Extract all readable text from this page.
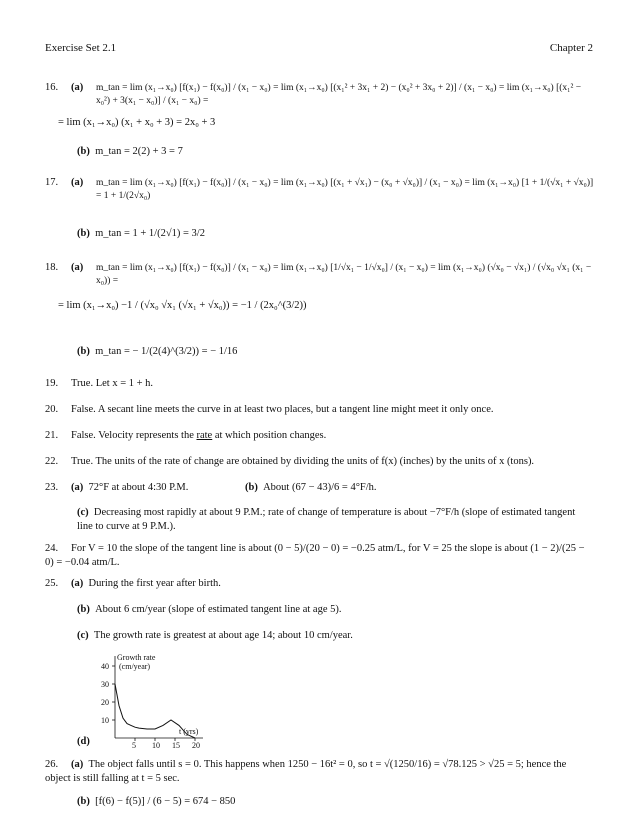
Exercise Set 2.1	Chapter 2
16. (a) m_tan = lim (x₁→x₀) [f(x₁) − f(x₀)] / (x₁ − x₀) = lim (x₁→x₀) [(x₁² + 3x₁ + 2) − (x₀² + 3x₀ + 2)] / (x₁ − x₀) = lim (x₁→x₀) [(x₁² − x₀²) + 3(x₁ − x₀)] / (x₁ − x₀) =
= lim (x₁→x₀) (x₁ + x₀ + 3) = 2x₀ + 3
(b) m_tan = 2(2) + 3 = 7
17. (a) m_tan = lim (x₁→x₀) [f(x₁) − f(x₀)] / (x₁ − x₀) = lim (x₁→x₀) [(x₁ + √x₁) − (x₀ + √x₀)] / (x₁ − x₀) = lim (x₁→x₀) [1 + 1/(√x₁ + √x₀)] = 1 + 1/(2√x₀)
(b) m_tan = 1 + 1/(2√1) = 3/2
18. (a) m_tan = lim (x₁→x₀) [f(x₁) − f(x₀)] / (x₁ − x₀) = lim (x₁→x₀) [1/√x₁ − 1/√x₀] / (x₁ − x₀) = lim (x₁→x₀) (√x₀ − √x₁) / (√x₀ √x₁ (x₁ − x₀)) =
= lim (x₁→x₀) −1 / (√x₀ √x₁ (√x₁ + √x₀)) = −1 / (2x₀^(3/2))
(b) m_tan = − 1/(2(4)^(3/2)) = − 1/16
19. True. Let x = 1 + h.
20. False. A secant line meets the curve in at least two places, but a tangent line might meet it only once.
21. False. Velocity represents the rate at which position changes.
22. True. The units of the rate of change are obtained by dividing the units of f(x) (inches) by the units of x (tons).
23. (a) 72°F at about 4:30 P.M.	(b) About (67 − 43)/6 = 4°F/h.
(c) Decreasing most rapidly at about 9 P.M.; rate of change of temperature is about −7°F/h (slope of estimated tangent line to curve at 9 P.M.).
24. For V = 10 the slope of the tangent line is about (0 − 5)/(20 − 0) = −0.25 atm/L, for V = 25 the slope is about (1 − 2)/(25 − 0) = −0.04 atm/L.
25. (a) During the first year after birth.
(b) About 6 cm/year (slope of estimated tangent line at age 5).
(c) The growth rate is greatest at about age 14; about 10 cm/year.
(d)
Growth rate
(cm/year)
t (yrs)
5 10 15 20
10
20
30
40
26. (a) The object falls until s = 0. This happens when 1250 − 16t² = 0, so t = √(1250/16) = √78.125 > √25 = 5; hence the object is still falling at t = 5 sec.
(b) [f(6) − f(5)] / (6 − 5) = 674 − 850
